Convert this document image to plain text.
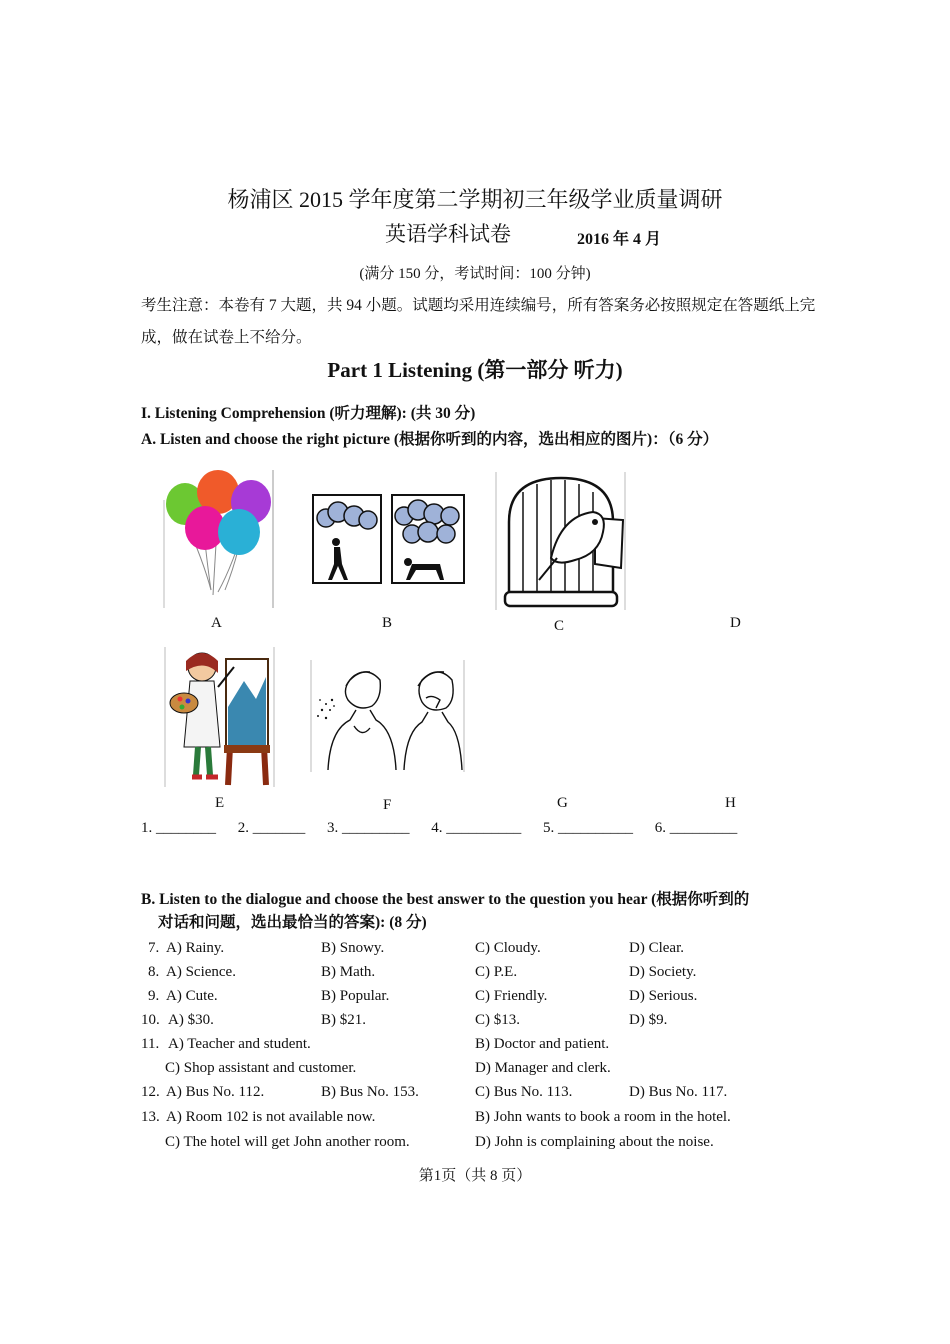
杨浦区 2015 学年度第二学期初三年级学业质量调研
英语学科试卷	2016 年 4 月
(满分 150 分，考试时间：100 分钟)
考生注意：本卷有 7 大题，共 94 小题。试题均采用连续编号，所有答案务必按照规定在答题纸上完成，做在试卷上不给分。
Part 1 Listening (第一部分 听力)
I. Listening Comprehension (听力理解): (共 30 分)
A. Listen and choose the right picture (根据你听到的内容，选出相应的图片)：（6 分）
A	B	C	D
E	F	G	H
1. ________ 2. _______ 3. _________ 4. __________ 5. __________ 6. _________
B. Listen to the dialogue and choose the best answer to the question you hear (根据你听到的
对话和问题，选出最恰当的答案): (8 分)
7. A) Rainy.	B) Snowy.	C) Cloudy.	D) Clear.
8. A) Science.	B) Math.	C) P.E.	D) Society.
9. A) Cute.	B) Popular.	C) Friendly.	D) Serious.
10. A) $30.	B) $21.	C) $13.	D) $9.
11. A) Teacher and student.	B) Doctor and patient.
C) Shop assistant and customer.	D) Manager and clerk.
12. A) Bus No. 112.	B) Bus No. 153.	C) Bus No. 113.	D) Bus No. 117.
13. A) Room 102 is not available now.	B) John wants to book a room in the hotel.
C) The hotel will get John another room.	D) John is complaining about the noise.
第1页（共 8 页）
